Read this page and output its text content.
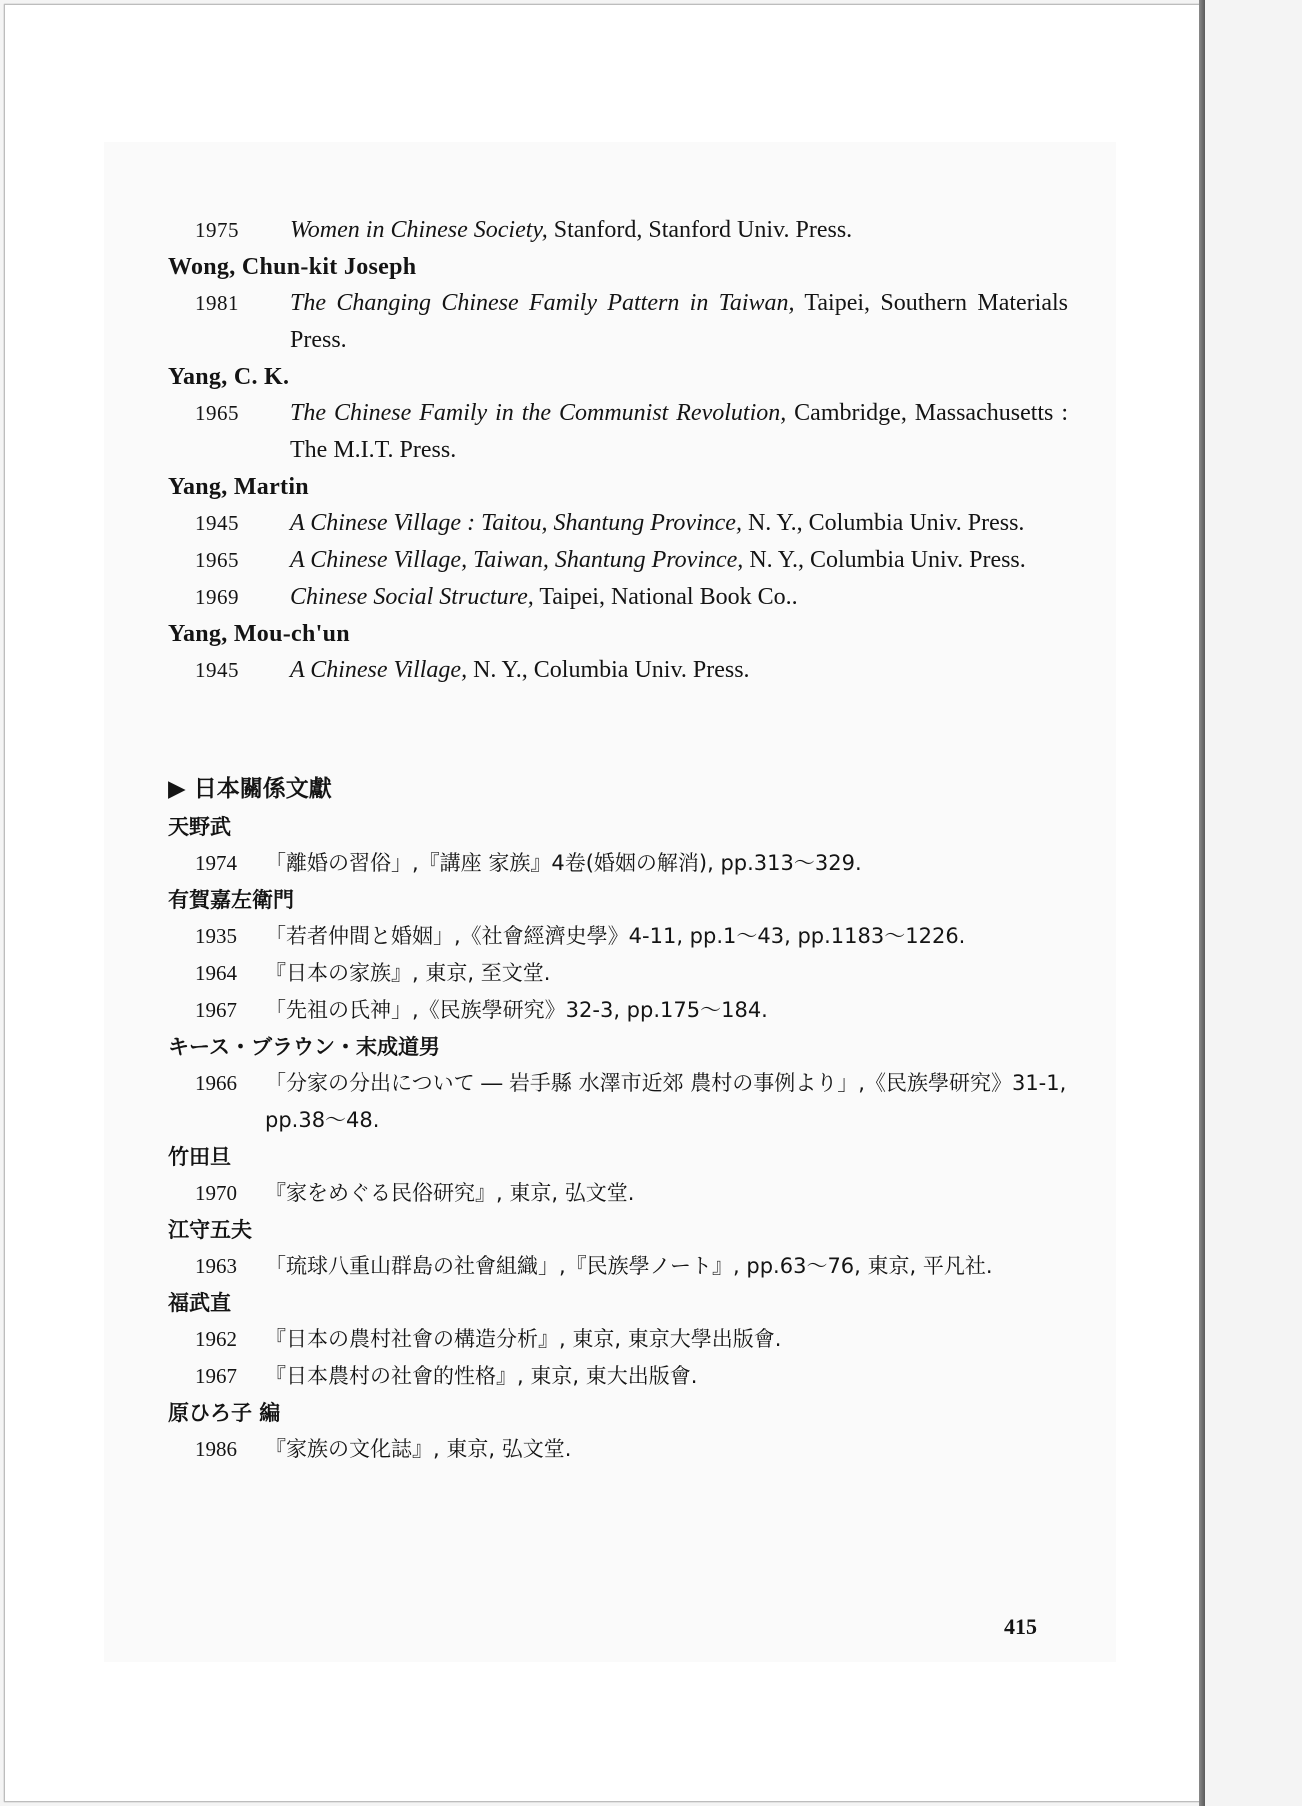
1975 Women in Chinese Society, Stanford, Stanford Univ. Press.
Wong, Chun-kit Joseph
1981 The Changing Chinese Family Pattern in Taiwan, Taipei, Southern Materials Press.
Yang, C. K.
1965 The Chinese Family in the Communist Revolution, Cambridge, Massachusetts : The M.I.T. Press.
Yang, Martin
1945 A Chinese Village : Taitou, Shantung Province, N. Y., Columbia Univ. Press.
1965 A Chinese Village, Taiwan, Shantung Province, N. Y., Columbia Univ. Press.
1969 Chinese Social Structure, Taipei, National Book Co..
Yang, Mou-ch'un
1945 A Chinese Village, N. Y., Columbia Univ. Press.
▶ 日本關係文獻
天野武
1974 「離婚の習俗」,『講座 家族』4卷(婚姻の解消), pp.313～329.
有賀嘉左衛門
1935 「若者仲間と婚姻」,《社會經濟史學》4-11, pp.1～43, pp.1183～1226.
1964 『日本の家族』, 東京, 至文堂.
1967 「先祖の氏神」,《民族學研究》32-3, pp.175～184.
キース・ブラウン・末成道男
1966 「分家の分出について ― 岩手縣 水澤市近郊 農村の事例より」,《民族學研究》31-1, pp.38～48.
竹田旦
1970 『家をめぐる民俗研究』, 東京, 弘文堂.
江守五夫
1963 「琉球八重山群島の社會組織」,『民族學ノート』, pp.63～76, 東京, 平凡社.
福武直
1962 『日本の農村社會の構造分析』, 東京, 東京大學出版會.
1967 『日本農村の社會的性格』, 東京, 東大出版會.
原ひろ子 編
1986 『家族の文化誌』, 東京, 弘文堂.
415
